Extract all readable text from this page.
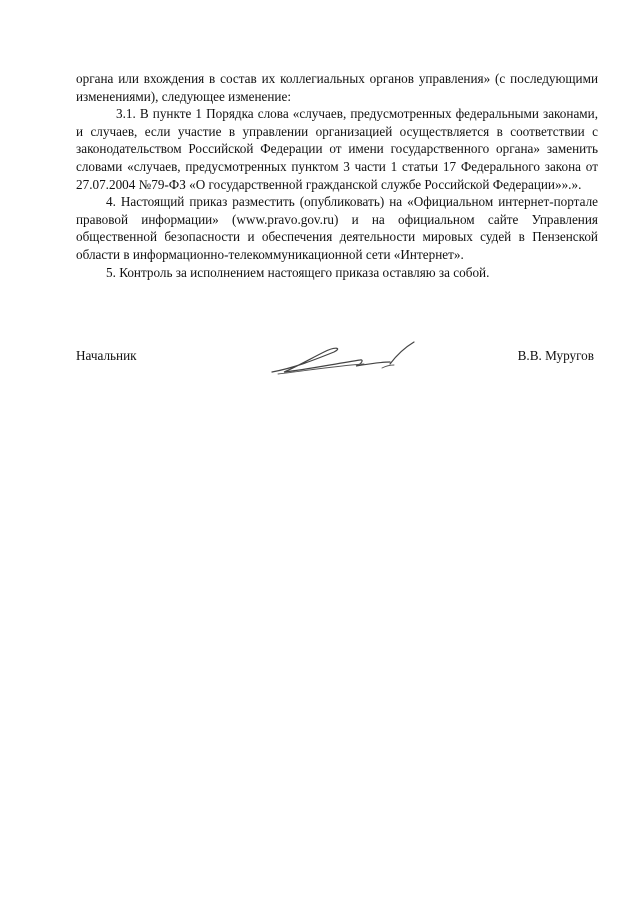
органа или вхождения в состав их коллегиальных органов управления» (с последующими изменениями), следующее изменение:

3.1. В пункте 1 Порядка слова «случаев, предусмотренных федеральными законами, и случаев, если участие в управлении организацией осуществляется в соответствии с законодательством Российской Федерации от имени государственного органа» заменить словами «случаев, предусмотренных пунктом 3 части 1 статьи 17 Федерального закона от 27.07.2004 №79-ФЗ «О государственной гражданской службе Российской Федерации»».».

4. Настоящий приказ разместить (опубликовать) на «Официальном интернет-портале правовой информации» (www.pravo.gov.ru) и на официальном сайте Управления общественной безопасности и обеспечения деятельности мировых судей в Пензенской области в информационно-телекоммуникационной сети «Интернет».

5. Контроль за исполнением настоящего приказа оставляю за собой.

Начальник	В.В. Муругов
